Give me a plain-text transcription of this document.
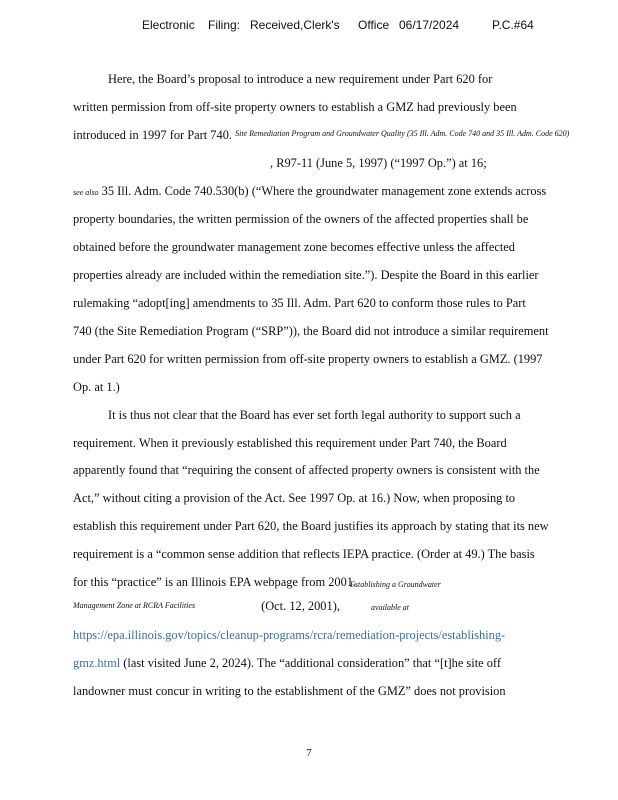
Electronic Filing: Received,Clerk's Office 06/17/2024	P.C.#64
Here, the Board’s proposal to introduce a new requirement under Part 620 for
written permission from off-site property owners to establish a GMZ had previously been
introduced in 1997 for Part 740. Site Remediation Program and Groundwater Quality (35 Ill. Adm. Code 740 and 35 Ill. Adm. Code 620)
, R97-11 (June 5, 1997) (“1997 Op.”) at 16;
see also 35 Ill. Adm. Code 740.530(b) (“Where the groundwater management zone extends across
property boundaries, the written permission of the owners of the affected properties shall be
obtained before the groundwater management zone becomes effective unless the affected
properties already are included within the remediation site.”). Despite the Board in this earlier
rulemaking “adopt[ing] amendments to 35 Ill. Adm. Part 620 to conform those rules to Part
740 (the Site Remediation Program (“SRP”)), the Board did not introduce a similar requirement
under Part 620 for written permission from off-site property owners to establish a GMZ. (1997
Op. at 1.)
It is thus not clear that the Board has ever set forth legal authority to support such a
requirement. When it previously established this requirement under Part 740, the Board
apparently found that “requiring the consent of affected property owners is consistent with the
Act,” without citing a provision of the Act. See 1997 Op. at 16.) Now, when proposing to
establish this requirement under Part 620, the Board justifies its approach by stating that its new
requirement is a “common sense addition that reflects IEPA practice. (Order at 49.) The basis
for this “practice” is an Illinois EPA webpage from 2001.
Establishing a Groundwater
Management Zone at RCRA Facilities	(Oct. 12, 2001),	available at
https://epa.illinois.gov/topics/cleanup-programs/rcra/remediation-projects/establishing-
gmz.html (last visited June 2, 2024). The “additional consideration” that “[t]he site off
landowner must concur in writing to the establishment of the GMZ” does not provision
7
